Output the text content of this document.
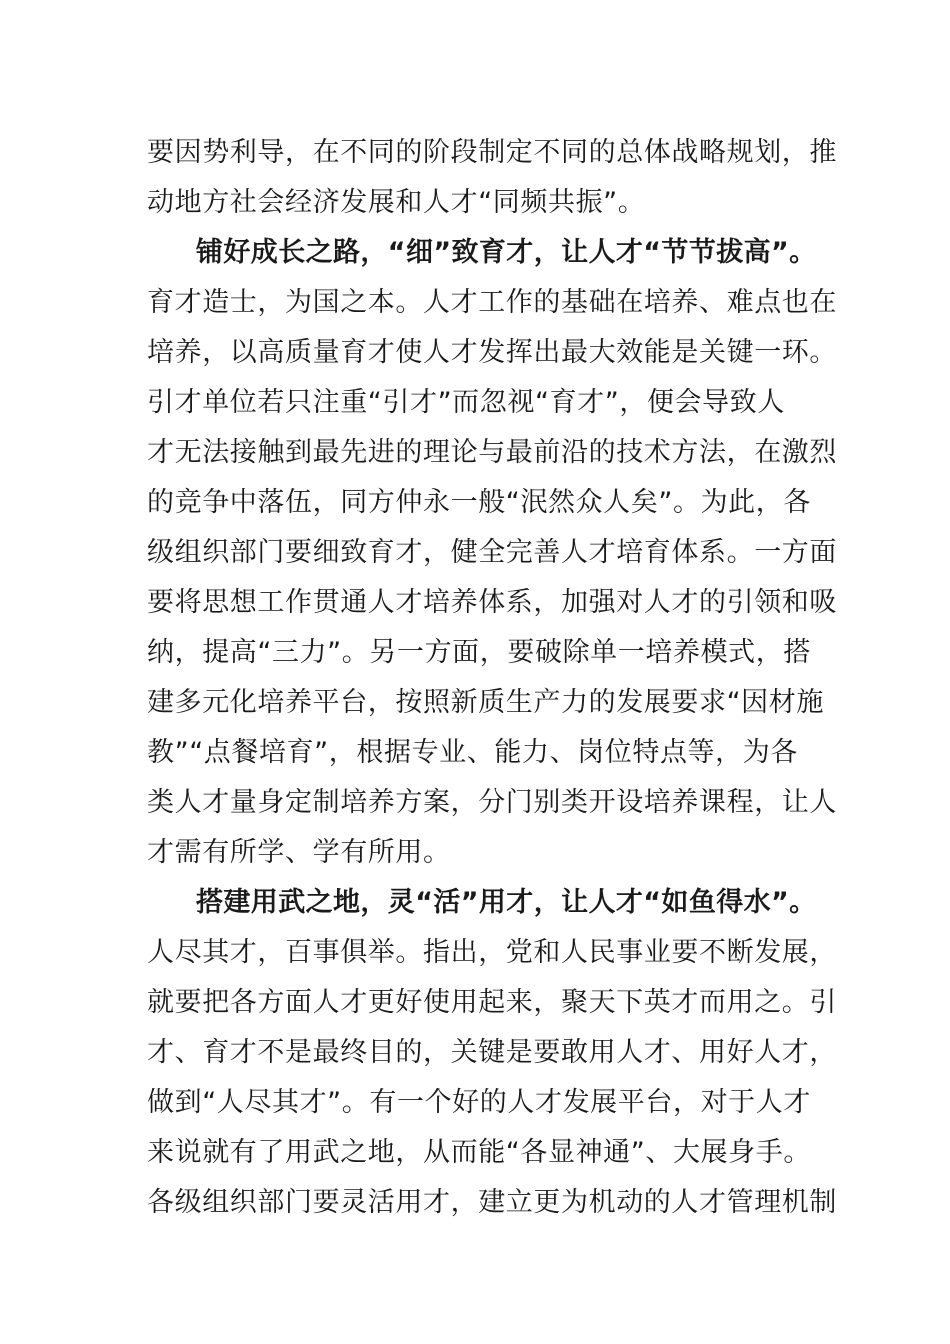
要因势利导，在不同的阶段制定不同的总体战略规划，推
动地方社会经济发展和人才“同频共振”。
铺好成长之路，“细”致育才，让人才“节节拔高”。
育才造士，为国之本。人才工作的基础在培养、难点也在
培养，以高质量育才使人才发挥出最大效能是关键一环。
引才单位若只注重“引才”而忽视“育才”，便会导致人
才无法接触到最先进的理论与最前沿的技术方法，在激烈
的竞争中落伍，同方仲永一般“泯然众人矣”。为此，各
级组织部门要细致育才，健全完善人才培育体系。一方面
要将思想工作贯通人才培养体系，加强对人才的引领和吸
纳，提高“三力”。另一方面，要破除单一培养模式，搭
建多元化培养平台，按照新质生产力的发展要求“因材施
教”“点餐培育”，根据专业、能力、岗位特点等，为各
类人才量身定制培养方案，分门别类开设培养课程，让人
才需有所学、学有所用。
搭建用武之地，灵“活”用才，让人才“如鱼得水”。
人尽其才，百事俱举。指出，党和人民事业要不断发展，
就要把各方面人才更好使用起来，聚天下英才而用之。引
才、育才不是最终目的，关键是要敢用人才、用好人才，
做到“人尽其才”。有一个好的人才发展平台，对于人才
来说就有了用武之地，从而能“各显神通”、大展身手。
各级组织部门要灵活用才，建立更为机动的人才管理机制
